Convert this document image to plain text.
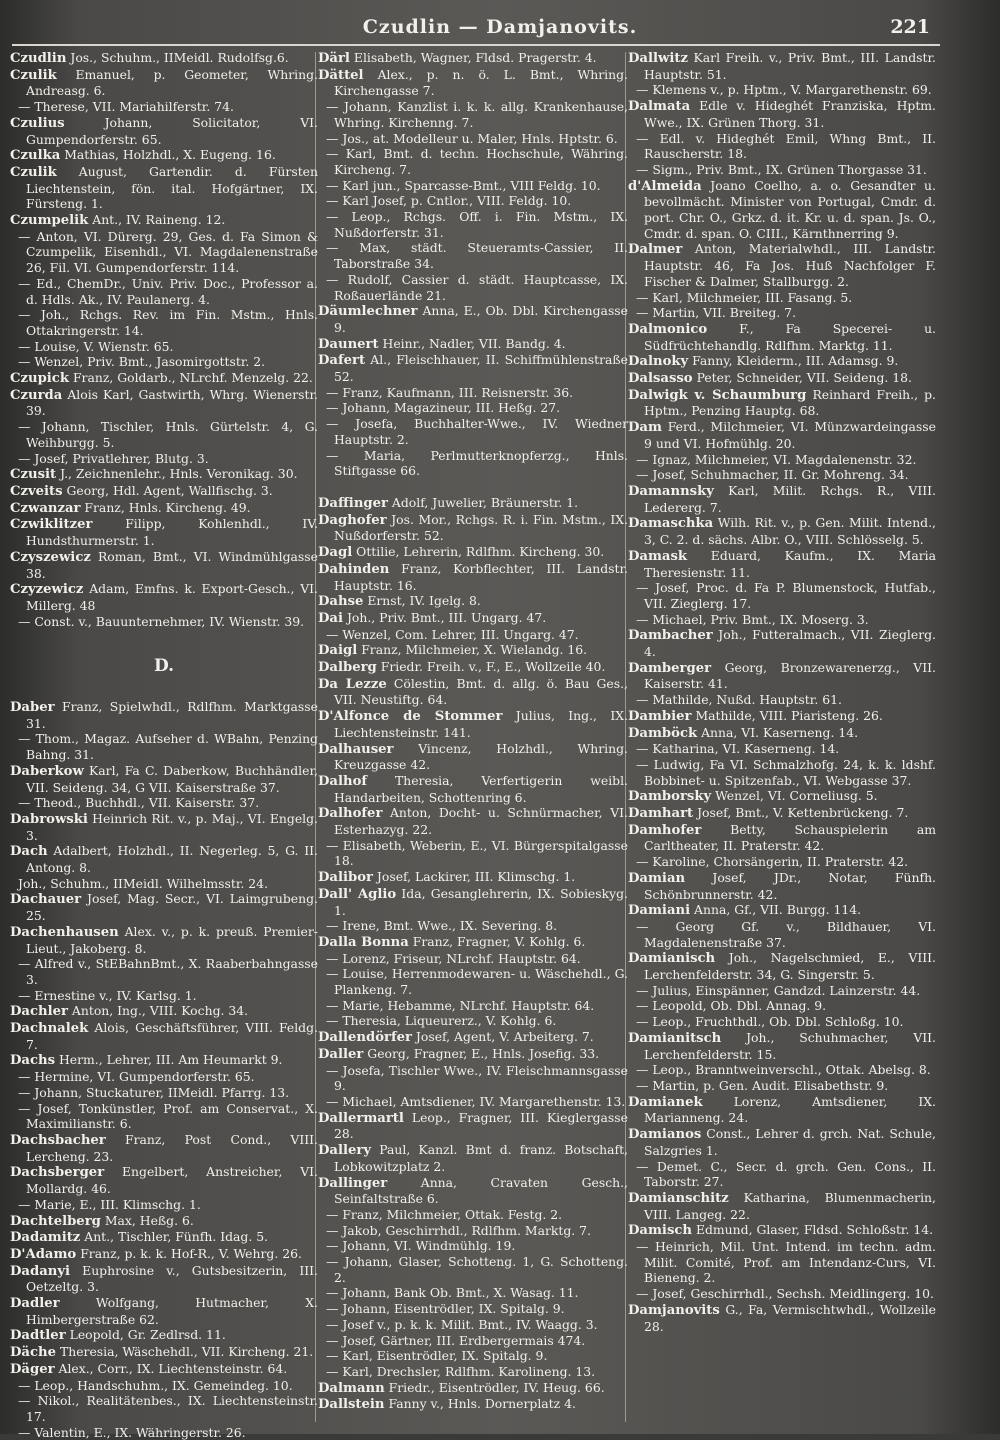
Czudlin — Damjanovits.	221

Czudlin Jos., Schuhm., IIMeidl. Rudolfsg.6.

Czulik Emanuel, p. Geometer, Whring. Andreasg. 6.

— Therese, VII. Mariahilferstr. 74.

Czulius	Johann, Solicitator, VI. Gumpendorferstr. 65.

Czulka Mathias, Holzhdl., X. Eugeng. 16.

Czulik August, Gartendir. d. Fürsten Liechtenstein, fön. ital. Hofgärtner, IX. Fürsteng. 1.

Czumpelik Ant., IV. Raineng. 12.

— Anton, VI. Dürerg. 29, Ges. d. Fa Simon & Czumpelik, Eisenhdl., VI. Magdalenenstraße 26, Fil. VI. Gumpendorferstr. 114.

— Ed., ChemDr., Univ. Priv. Doc., Professor a. d. Hdls. Ak., IV. Paulanerg. 4.

— Joh., Rchgs. Rev. im Fin. Mstm., Hnls. Ottakringerstr. 14.

— Louise, V. Wienstr. 65.

— Wenzel, Priv. Bmt., Jasomirgottstr. 2.

Czupick Franz, Goldarb., NLrchf. Menzelg. 22.

Czurda Alois Karl, Gastwirth, Whrg. Wienerstr. 39.

— Johann, Tischler, Hnls. Gürtelstr. 4, G. Weihburgg. 5.

— Josef, Privatlehrer, Blutg. 3.

Czusit J., Zeichnenlehr., Hnls. Veronikag. 30.

Czveits Georg, Hdl. Agent, Wallfischg. 3.

Czwanzar Franz, Hnls. Kircheng. 49.

Czwiklitzer	Filipp, Kohlenhdl., IV. Hundsthurmerstr. 1.

Czyszewicz Roman, Bmt., VI. Windmühlgasse 38.

Czyzewicz Adam, Emfns. k. Export-Gesch., VI. Millerg. 48

— Const. v., Bauunternehmer, IV. Wienstr. 39.

D.

Daber Franz, Spielwhdl., Rdlfhm. Marktgasse 31.

— Thom., Magaz. Aufseher d. WBahn, Penzing Bahng. 31.

Daberkow Karl, Fa C. Daberkow, Buchhändler, VII. Seideng. 34, G VII. Kaiserstraße 37.

— Theod., Buchhdl., VII. Kaiserstr. 37.

Dabrowski Heinrich Rit. v., p. Maj., VI. Engelg. 3.

Dach Adalbert, Holzhdl., II. Negerleg. 5, G. II. Antong. 8.

Joh., Schuhm., IIMeidl. Wilhelmsstr. 24.

Dachauer Josef, Mag. Secr., VI. Laimgrubeng. 25.

Dachenhausen Alex. v., p. k. preuß. Premier-Lieut., Jakoberg. 8.

— Alfred v., StEBahnBmt., X. Raaberbahngasse 3.

— Ernestine v., IV. Karlsg. 1.

Dachler Anton, Ing., VIII. Kochg. 34.

Dachnalek Alois, Geschäftsführer, VIII. Feldg. 7.

Dachs Herm., Lehrer, III. Am Heumarkt 9.

— Hermine, VI. Gumpendorferstr. 65.

— Johann, Stuckaturer, IIMeidl. Pfarrg. 13.

— Josef, Tonkünstler, Prof. am Conservat., X. Maximilianstr. 6.

Dachsbacher Franz, Post Cond., VIII. Lercheng. 23.

Dachsberger Engelbert, Anstreicher, VI. Mollardg. 46.

— Marie, E., III. Klimschg. 1.

Dachtelberg Max, Heßg. 6.

Dadamitz Ant., Tischler, Fünfh. Idag. 5.

D'Adamo Franz, p. k. k. Hof-R., V. Wehrg. 26.

Dadanyi Euphrosine v., Gutsbesitzerin, III. Oetzeltg. 3.

Dadler	Wolfgang, Hutmacher, X. Himbergerstraße 62.

Dadtler Leopold, Gr. Zedlrsd. 11.

Däche Theresia, Wäschehdl., VII. Kircheng. 21.

Däger Alex., Corr., IX. Liechtensteinstr. 64.

— Leop., Handschuhm., IX. Gemeindeg. 10.

— Nikol., Realitätenbes., IX. Liechtensteinstr. 17.

— Valentin, E., IX. Währingerstr. 26.

Därl Elisabeth, Wagner, Fldsd. Pragerstr. 4.

Dättel Alex., p. n. ö. L. Bmt., Whring. Kirchengasse 7.

— Johann, Kanzlist i. k. k. allg. Krankenhause, Whring. Kirchenng. 7.

— Jos., at. Modelleur u. Maler, Hnls. Hptstr. 6.

— Karl, Bmt. d. techn. Hochschule, Währing. Kircheng. 7.

— Karl jun., Sparcasse-Bmt., VIII Feldg. 10.

— Karl Josef, p. Cntlor., VIII. Feldg. 10.

— Leop., Rchgs. Off. i. Fin. Mstm., IX. Nußdorferstr. 31.

— Max, städt. Steueramts-Cassier, II. Taborstraße 34.

— Rudolf, Cassier d. städt. Hauptcasse, IX. Roßauerlände 21.

Däumlechner Anna, E., Ob. Dbl. Kirchengasse 9.

Daunert Heinr., Nadler, VII. Bandg. 4.

Dafert Al., Fleischhauer, II. Schiffmühlenstraße 52.

— Franz, Kaufmann, III. Reisnerstr. 36.

— Johann, Magazineur, III. Heßg. 27.

— Josefa, Buchhalter-Wwe., IV. Wiedner Hauptstr. 2.

— Maria, Perlmutterknopferzg., Hnls. Stiftgasse 66.

Daffinger Adolf, Juwelier, Bräunerstr. 1.

Daghofer Jos. Mor., Rchgs. R. i. Fin. Mstm., IX. Nußdorferstr. 52.

Dagl Ottilie, Lehrerin, Rdlfhm. Kircheng. 30.

Dahinden Franz, Korbflechter, III. Landstr. Hauptstr. 16.

Dahse Ernst, IV. Igelg. 8.

Dai Joh., Priv. Bmt., III. Ungarg. 47.

— Wenzel, Com. Lehrer, III. Ungarg. 47.

Daigl Franz, Milchmeier, X. Wielandg. 16.

Dalberg Friedr. Freih. v., F., E., Wollzeile 40.

Da Lezze Cölestin, Bmt. d. allg. ö. Bau Ges., VII. Neustiftg. 64.

D'Alfonce de Stommer Julius, Ing., IX. Liechtensteinstr. 141.

Dalhauser Vincenz, Holzhdl., Whring. Kreuzgasse 42.

Dalhof Theresia, Verfertigerin weibl. Handarbeiten, Schottenring 6.

Dalhofer Anton, Docht- u. Schnürmacher, VI. Esterhazyg. 22.

— Elisabeth, Weberin, E., VI. Bürgerspitalgasse 18.

Dalibor Josef, Lackirer, III. Klimschg. 1.

Dall' Aglio Ida, Gesanglehrerin, IX. Sobieskyg. 1.

— Irene, Bmt. Wwe., IX. Severing. 8.

Dalla Bonna Franz, Fragner, V. Kohlg. 6.

— Lorenz, Friseur, NLrchf. Hauptstr. 64.

— Louise, Herrenmodewaren- u. Wäschehdl., G. Plankeng. 7.

— Marie, Hebamme, NLrchf. Hauptstr. 64.

— Theresia, Liqueurerz., V. Kohlg. 6.

Dallendörfer Josef, Agent, V. Arbeiterg. 7.

Daller Georg, Fragner, E., Hnls. Josefig. 33.

— Josefa, Tischler Wwe., IV. Fleischmannsgasse 9.

— Michael, Amtsdiener, IV. Margarethenstr. 13.

Dallermartl Leop., Fragner, III. Kieglergasse 28.

Dallery Paul, Kanzl. Bmt d. franz. Botschaft, Lobkowitzplatz 2.

Dallinger	Anna, Cravaten Gesch., Seinfaltstraße 6.

— Franz, Milchmeier, Ottak. Festg. 2.

— Jakob, Geschirrhdl., Rdlfhm. Marktg. 7.

— Johann, VI. Windmühlg. 19.

— Johann, Glaser, Schotteng. 1, G. Schotteng. 2.

— Johann, Bank Ob. Bmt., X. Wasag. 11.

— Johann, Eisentrödler, IX. Spitalg. 9.

— Josef v., p. k. k. Milit. Bmt., IV. Waagg. 3.

— Josef, Gärtner, III. Erdbergermais 474.

— Karl, Eisentrödler, IX. Spitalg. 9.

— Karl, Drechsler, Rdlfhm. Karolineng. 13.

Dalmann Friedr., Eisentrödler, IV. Heug. 66.

Dallstein Fanny v., Hnls. Dornerplatz 4.

Dallwitz Karl Freih. v., Priv. Bmt., III. Landstr. Hauptstr. 51.

— Klemens v., p. Hptm., V. Margarethenstr. 69.

Dalmata Edle v. Hideghét Franziska, Hptm. Wwe., IX. Grünen Thorg. 31.

— Edl. v. Hideghét Emil, Whng Bmt., II. Rauscherstr. 18.

— Sigm., Priv. Bmt., IX. Grünen Thorgasse 31.

d'Almeida Joano Coelho, a. o. Gesandter u. bevollmächt. Minister von Portugal, Cmdr. d. port. Chr. O., Grkz. d. it. Kr. u. d. span. Js. O., Cmdr. d. span. O. CIII., Kärnthnerring 9.

Dalmer Anton, Materialwhdl., III. Landstr. Hauptstr. 46, Fa Jos. Huß Nachfolger F. Fischer & Dalmer, Stallburgg. 2.

— Karl, Milchmeier, III. Fasang. 5.

— Martin, VII. Breiteg. 7.

Dalmonico	F., Fa Specerei- u. Südfrüchtehandlg. Rdlfhm. Marktg. 11.

Dalnoky Fanny, Kleiderm., III. Adamsg. 9.

Dalsasso Peter, Schneider, VII. Seideng. 18.

Dalwigk v. Schaumburg Reinhard Freih., p. Hptm., Penzing Hauptg. 68.

Dam Ferd., Milchmeier, VI. Münzwardeingasse 9 und VI. Hofmühlg. 20.

— Ignaz, Milchmeier, VI. Magdalenenstr. 32.

— Josef, Schuhmacher, II. Gr. Mohreng. 34.

Damannsky Karl, Milit. Rchgs. R., VIII. Ledererg. 7.

Damaschka Wilh. Rit. v., p. Gen. Milit. Intend., 3, C. 2. d. sächs. Albr. O., VIII. Schlösselg. 5.

Damask Eduard, Kaufm., IX. Maria Theresienstr. 11.

— Josef, Proc. d. Fa P. Blumenstock, Hutfab., VII. Zieglerg. 17.

— Michael, Priv. Bmt., IX. Moserg. 3.

Dambacher Joh., Futteralmach., VII. Zieglerg. 4.

Damberger Georg, Bronzewarenerzg., VII. Kaiserstr. 41.

— Mathilde, Nußd. Hauptstr. 61.

Dambier Mathilde, VIII. Piaristeng. 26.

Damböck Anna, VI. Kaserneng. 14.

— Katharina, VI. Kaserneng. 14.

— Ludwig, Fa VI. Schmalzhofg. 24, k. k. ldshf. Bobbinet- u. Spitzenfab., VI. Webgasse 37.

Damborsky Wenzel, VI. Corneliusg. 5.

Damhart Josef, Bmt., V. Kettenbrückeng. 7.

Damhofer Betty, Schauspielerin am Carltheater, II. Praterstr. 42.

— Karoline, Chorsängerin, II. Praterstr. 42.

Damian Josef, JDr., Notar, Fünfh. Schönbrunnerstr. 42.

Damiani Anna, Gf., VII. Burgg. 114.

— Georg Gf. v., Bildhauer, VI. Magdalenenstraße 37.

Damianisch Joh., Nagelschmied, E., VIII. Lerchenfelderstr. 34, G. Singerstr. 5.

— Julius, Einspänner, Gandzd. Lainzerstr. 44.

— Leopold, Ob. Dbl. Annag. 9.

— Leop., Fruchthdl., Ob. Dbl. Schloßg. 10.

Damianitsch Joh., Schuhmacher, VII. Lerchenfelderstr. 15.

— Leop., Branntweinverschl., Ottak. Abelsg. 8.

— Martin, p. Gen. Audit. Elisabethstr. 9.

Damianek	Lorenz, Amtsdiener, IX. Marianneng. 24.

Damianos Const., Lehrer d. grch. Nat. Schule, Salzgries 1.

— Demet. C., Secr. d. grch. Gen. Cons., II. Taborstr. 27.

Damianschitz Katharina, Blumenmacherin, VIII. Langeg. 22.

Damisch Edmund, Glaser, Fldsd. Schloßstr. 14.

— Heinrich, Mil. Unt. Intend. im techn. adm. Milit. Comité, Prof. am Intendanz-Curs, VI. Bieneng. 2.

— Josef, Geschirrhdl., Sechsh. Meidlingerg. 10.

Damjanovits G., Fa, Vermischtwhdl., Wollzeile 28.
